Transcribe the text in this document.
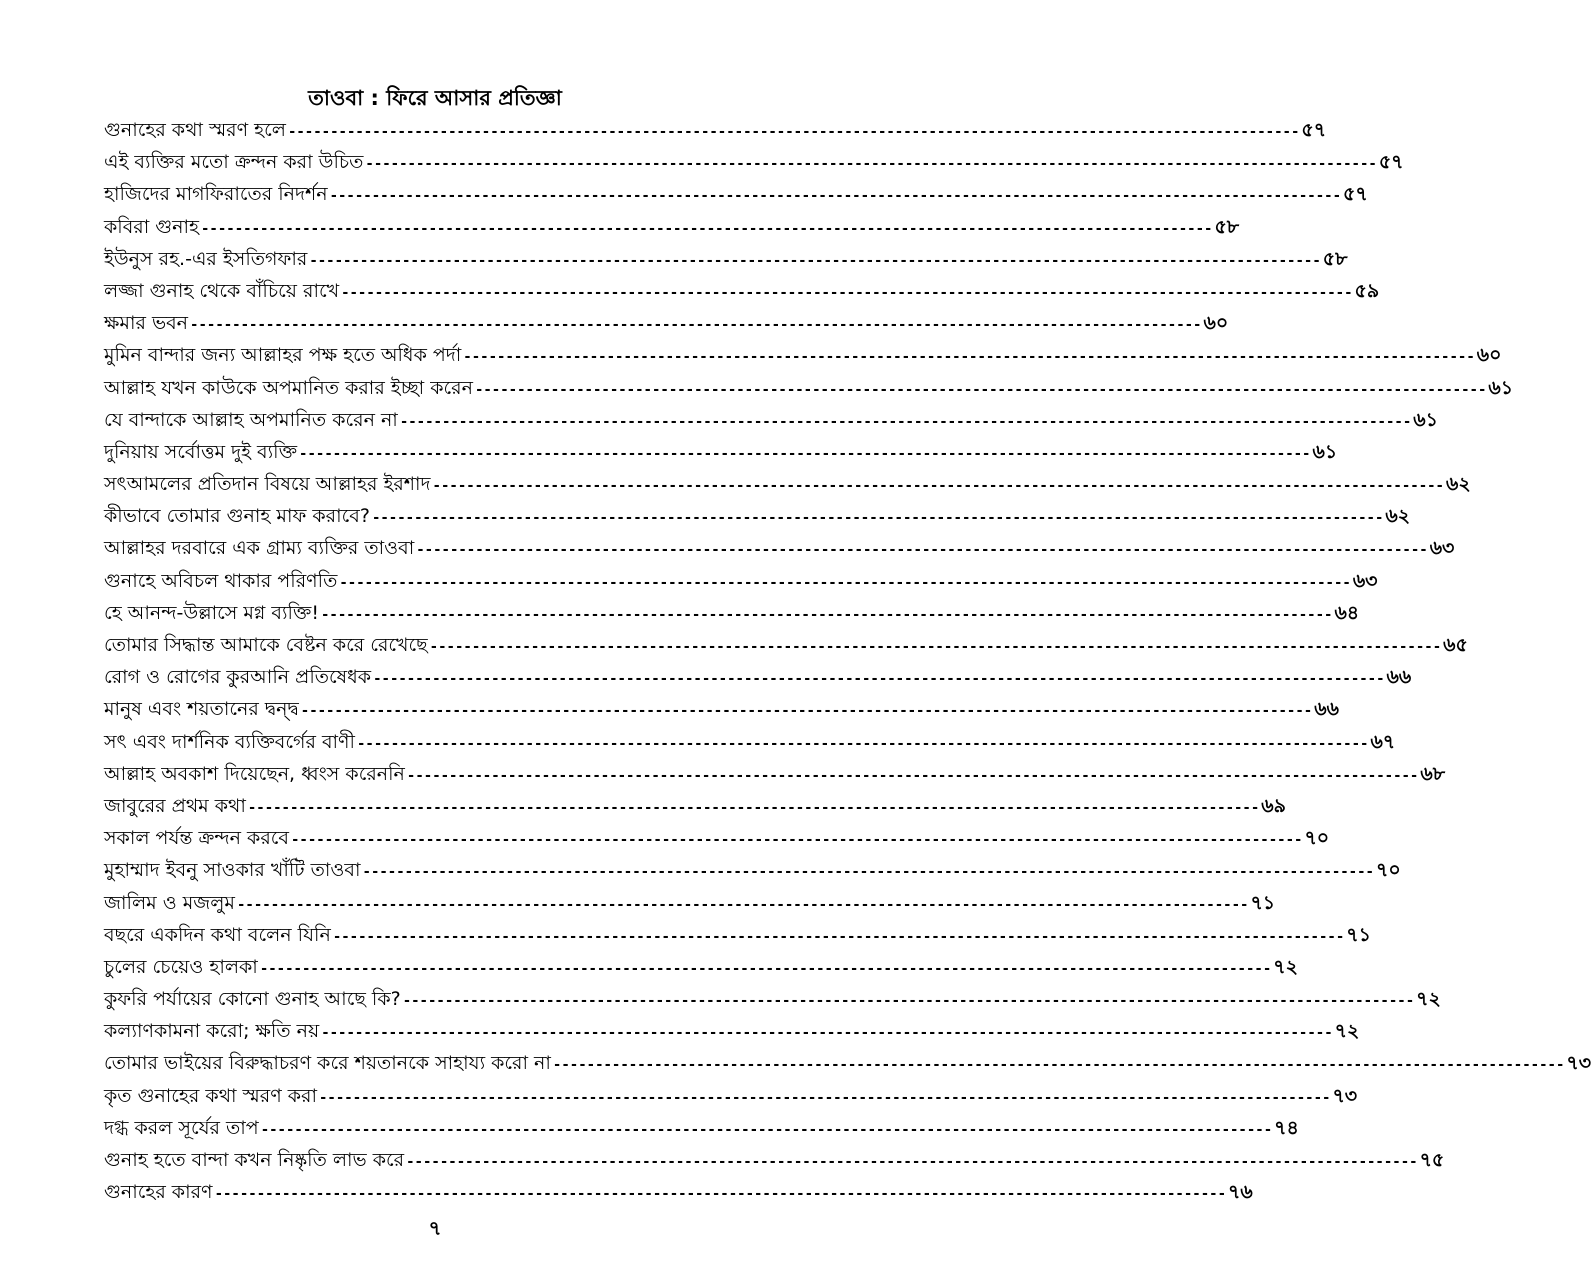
তাওবা : ফিরে আসার প্রতিজ্ঞা
গুনাহের কথা স্মরণ হলে ------------------------------------------------------------------------------------------------------------------------ ৫৭
এই ব্যক্তির মতো ক্রন্দন করা উচিত ------------------------------------------------------------------------------------------------------------------------ ৫৭
হাজিদের মাগফিরাতের নিদর্শন ------------------------------------------------------------------------------------------------------------------------ ৫৭
কবিরা গুনাহ ------------------------------------------------------------------------------------------------------------------------ ৫৮
ইউনুস রহ.-এর ইসতিগফার ------------------------------------------------------------------------------------------------------------------------ ৫৮
লজ্জা গুনাহ থেকে বাঁচিয়ে রাখে ------------------------------------------------------------------------------------------------------------------------ ৫৯
ক্ষমার ভবন ------------------------------------------------------------------------------------------------------------------------ ৬০
মুমিন বান্দার জন্য আল্লাহর পক্ষ হতে অধিক পর্দা ------------------------------------------------------------------------------------------------------------------------ ৬০
আল্লাহ যখন কাউকে অপমানিত করার ইচ্ছা করেন ------------------------------------------------------------------------------------------------------------------------ ৬১
যে বান্দাকে আল্লাহ অপমানিত করেন না ------------------------------------------------------------------------------------------------------------------------ ৬১
দুনিয়ায় সর্বোত্তম দুই ব্যক্তি ------------------------------------------------------------------------------------------------------------------------ ৬১
সৎআমলের প্রতিদান বিষয়ে আল্লাহর ইরশাদ ------------------------------------------------------------------------------------------------------------------------ ৬২
কীভাবে তোমার গুনাহ মাফ করাবে? ------------------------------------------------------------------------------------------------------------------------ ৬২
আল্লাহর দরবারে এক গ্রাম্য ব্যক্তির তাওবা ------------------------------------------------------------------------------------------------------------------------ ৬৩
গুনাহে অবিচল থাকার পরিণতি ------------------------------------------------------------------------------------------------------------------------ ৬৩
হে আনন্দ-উল্লাসে মগ্ন ব্যক্তি! ------------------------------------------------------------------------------------------------------------------------ ৬৪
তোমার সিদ্ধান্ত আমাকে বেষ্টন করে রেখেছে ------------------------------------------------------------------------------------------------------------------------ ৬৫
রোগ ও রোগের কুরআনি প্রতিষেধক ------------------------------------------------------------------------------------------------------------------------ ৬৬
মানুষ এবং শয়তানের দ্বন্দ্ব ------------------------------------------------------------------------------------------------------------------------ ৬৬
সৎ এবং দার্শনিক ব্যক্তিবর্গের বাণী ------------------------------------------------------------------------------------------------------------------------ ৬৭
আল্লাহ অবকাশ দিয়েছেন, ধ্বংস করেননি ------------------------------------------------------------------------------------------------------------------------ ৬৮
জাবুরের প্রথম কথা ------------------------------------------------------------------------------------------------------------------------ ৬৯
সকাল পর্যন্ত ক্রন্দন করবে ------------------------------------------------------------------------------------------------------------------------ ৭০
মুহাম্মাদ ইবনু সাওকার খাঁটি তাওবা ------------------------------------------------------------------------------------------------------------------------ ৭০
জালিম ও মজলুম ------------------------------------------------------------------------------------------------------------------------ ৭১
বছরে একদিন কথা বলেন যিনি ------------------------------------------------------------------------------------------------------------------------ ৭১
চুলের চেয়েও হালকা ------------------------------------------------------------------------------------------------------------------------ ৭২
কুফরি পর্যায়ের কোনো গুনাহ আছে কি? ------------------------------------------------------------------------------------------------------------------------ ৭২
কল্যাণকামনা করো; ক্ষতি নয় ------------------------------------------------------------------------------------------------------------------------ ৭২
তোমার ভাইয়ের বিরুদ্ধাচরণ করে শয়তানকে সাহায্য করো না ------------------------------------------------------------------------------------------------------------------------ ৭৩
কৃত গুনাহের কথা স্মরণ করা ------------------------------------------------------------------------------------------------------------------------ ৭৩
দগ্ধ করল সূর্যের তাপ ------------------------------------------------------------------------------------------------------------------------ ৭৪
গুনাহ হতে বান্দা কখন নিষ্কৃতি লাভ করে ------------------------------------------------------------------------------------------------------------------------ ৭৫
গুনাহের কারণ ------------------------------------------------------------------------------------------------------------------------ ৭৬
৭
